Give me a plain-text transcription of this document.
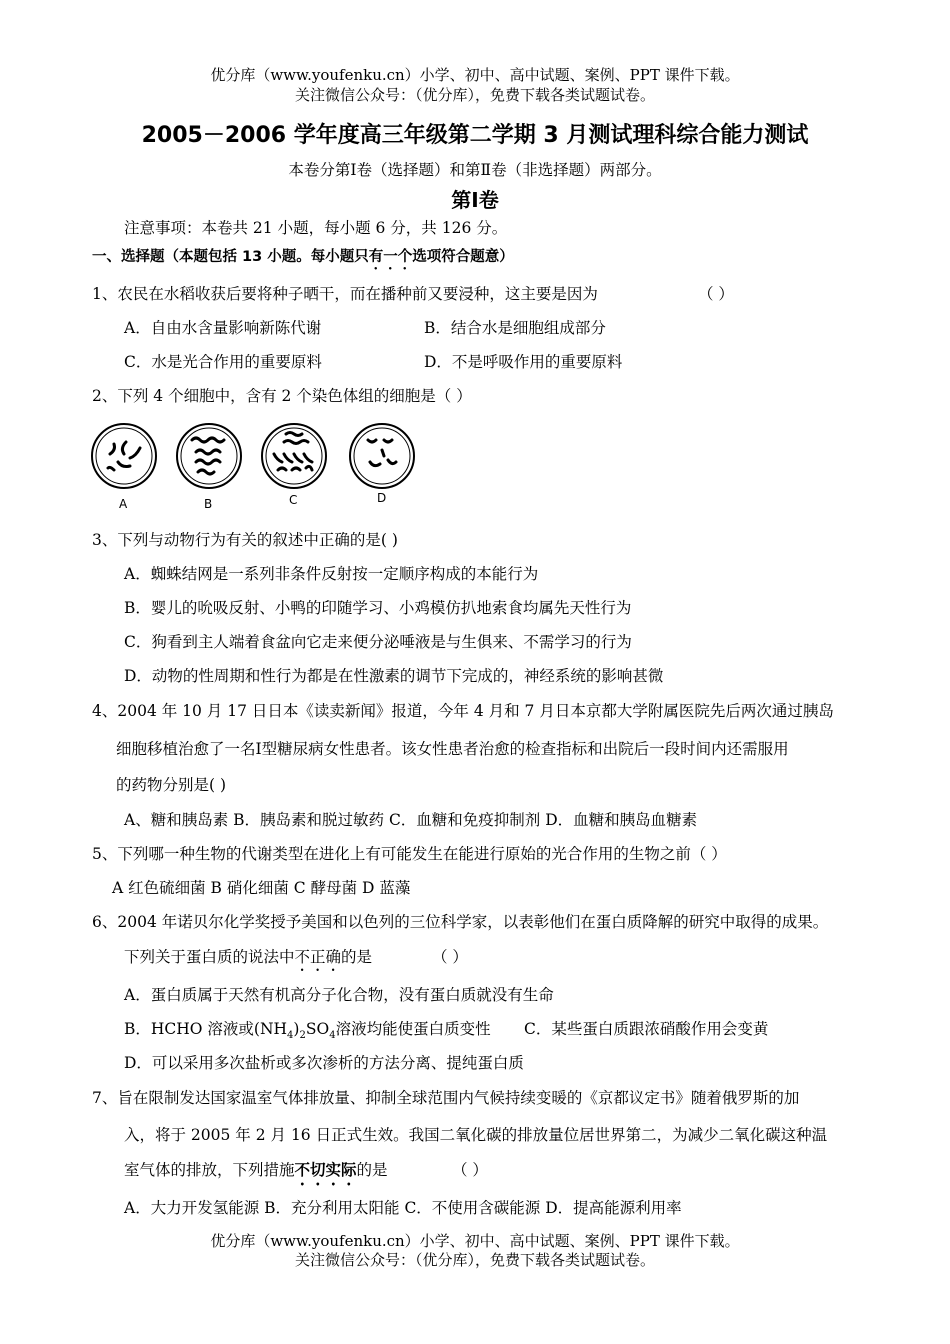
优分库（www.youfenku.cn）小学、初中、高中试题、案例、PPT 课件下载。
关注微信公众号：（优分库），免费下载各类试题试卷。
2005－2006 学年度高三年级第二学期 3 月测试理科综合能力测试
本卷分第Ⅰ卷（选择题）和第Ⅱ卷（非选择题）两部分。
第Ⅰ卷
注意事项：本卷共 21 小题，每小题 6 分，共 126 分。
一、选择题（本题包括 13 小题。每小题只有一个选项符合题意）
1、农民在水稻收获后要将种子晒干，而在播种前又要浸种，这主要是因为	（ ）
A．自由水含量影响新陈代谢	B．结合水是细胞组成部分
C．水是光合作用的重要原料	D．不是呼吸作用的重要原料
2、下列 4 个细胞中，含有 2 个染色体组的细胞是（ ）
A	B	C	D
3、下列与动物行为有关的叙述中正确的是( )
A．蜘蛛结网是一系列非条件反射按一定顺序构成的本能行为
B．婴儿的吮吸反射、小鸭的印随学习、小鸡模仿扒地索食均属先天性行为
C．狗看到主人端着食盆向它走来便分泌唾液是与生俱来、不需学习的行为
D．动物的性周期和性行为都是在性激素的调节下完成的，神经系统的影响甚微
4、2004 年 10 月 17 日日本《读卖新闻》报道，今年 4 月和 7 月日本京都大学附属医院先后两次通过胰岛
细胞移植治愈了一名Ⅰ型糖尿病女性患者。该女性患者治愈的检查指标和出院后一段时间内还需服用
的药物分别是( )
A、糖和胰岛素 B．胰岛素和脱过敏药 C．血糖和免疫抑制剂 D．血糖和胰岛血糖素
5、下列哪一种生物的代谢类型在进化上有可能发生在能进行原始的光合作用的生物之前（ ）
A 红色硫细菌 B 硝化细菌 C 酵母菌 D 蓝藻
6、2004 年诺贝尔化学奖授予美国和以色列的三位科学家，以表彰他们在蛋白质降解的研究中取得的成果。
下列关于蛋白质的说法中不正确的是	（ ）
A．蛋白质属于天然有机高分子化合物，没有蛋白质就没有生命
B．HCHO 溶液或$(NH_4)_2SO_4$溶液均能使蛋白质变性 C．某些蛋白质跟浓硝酸作用会变黄
D．可以采用多次盐析或多次渗析的方法分离、提纯蛋白质
7、旨在限制发达国家温室气体排放量、抑制全球范围内气候持续变暖的《京都议定书》随着俄罗斯的加
入，将于 2005 年 2 月 16 日正式生效。我国二氧化碳的排放量位居世界第二，为减少二氧化碳这种温
室气体的排放，下列措施不切实际的是	（ ）
A．大力开发氢能源 B．充分利用太阳能 C．不使用含碳能源 D．提高能源利用率
优分库（www.youfenku.cn）小学、初中、高中试题、案例、PPT 课件下载。
关注微信公众号：（优分库），免费下载各类试题试卷。
